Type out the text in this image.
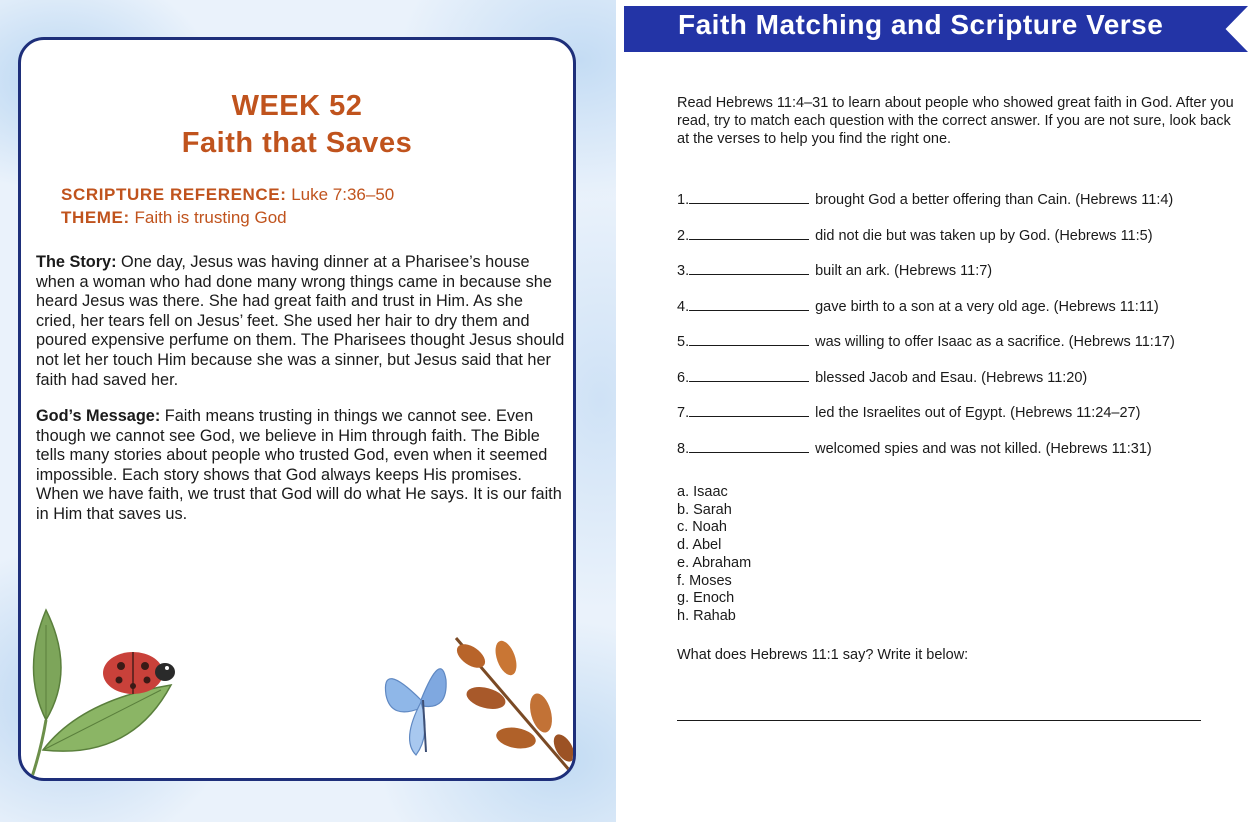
WEEK 52
Faith that Saves
SCRIPTURE REFERENCE: Luke 7:36–50
THEME: Faith is trusting God
The Story: One day, Jesus was having dinner at a Pharisee’s house when a woman who had done many wrong things came in because she heard Jesus was there. She had great faith and trust in Him. As she cried, her tears fell on Jesus’ feet. She used her hair to dry them and poured expensive perfume on them. The Pharisees thought Jesus should not let her touch Him because she was a sinner, but Jesus said that her faith had saved her.
God’s Message: Faith means trusting in things we cannot see. Even though we cannot see God, we believe in Him through faith. The Bible tells many stories about people who trusted God, even when it seemed impossible. Each story shows that God always keeps His promises. When we have faith, we trust that God will do what He says. It is our faith in Him that saves us.
Faith Matching and Scripture Verse
Read Hebrews 11:4–31 to learn about people who showed great faith in God. After you read, try to match each question with the correct answer. If you are not sure, look back at the verses to help you find the right one.
1.	brought God a better offering than Cain. (Hebrews 11:4)
2.	did not die but was taken up by God. (Hebrews 11:5)
3.	built an ark. (Hebrews 11:7)
4.	gave birth to a son at a very old age. (Hebrews 11:11)
5.	was willing to offer Isaac as a sacrifice. (Hebrews 11:17)
6.	blessed Jacob and Esau. (Hebrews 11:20)
7.	led the Israelites out of Egypt. (Hebrews 11:24–27)
8.	welcomed spies and was not killed. (Hebrews 11:31)
a. Isaac
b. Sarah
c. Noah
d. Abel
e. Abraham
f. Moses
g. Enoch
h. Rahab
What does Hebrews 11:1 say? Write it below:
